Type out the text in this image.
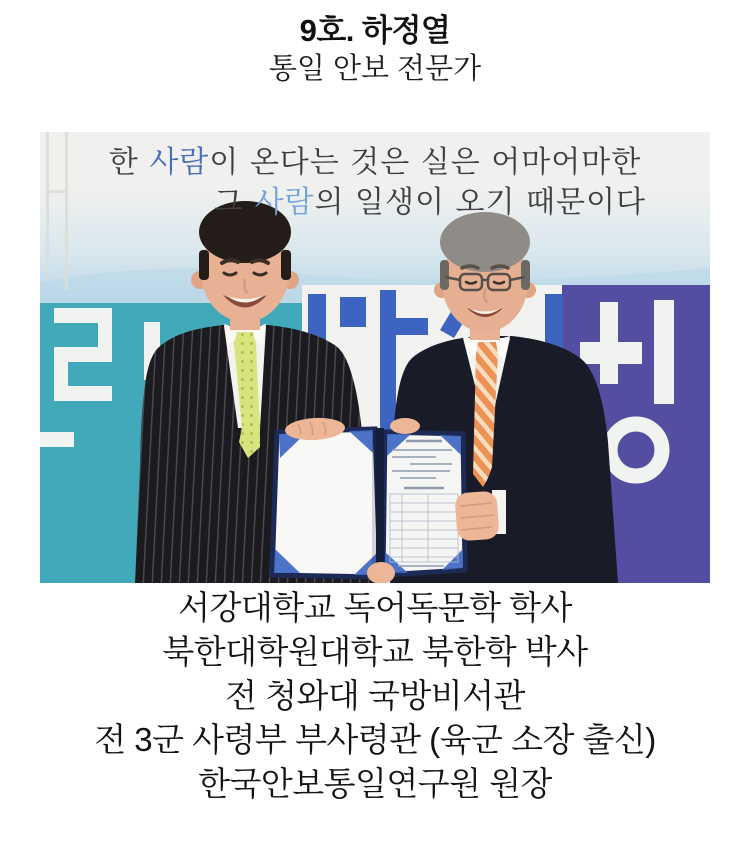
9호. 하정열
통일 안보 전문가
한 사람이 온다는 것은 실은 어마어마한
그 사람의 일생이 오기 때문이다
서강대학교 독어독문학 학사
북한대학원대학교 북한학 박사
전 청와대 국방비서관
전 3군 사령부 부사령관 (육군 소장 출신)
한국안보통일연구원 원장
